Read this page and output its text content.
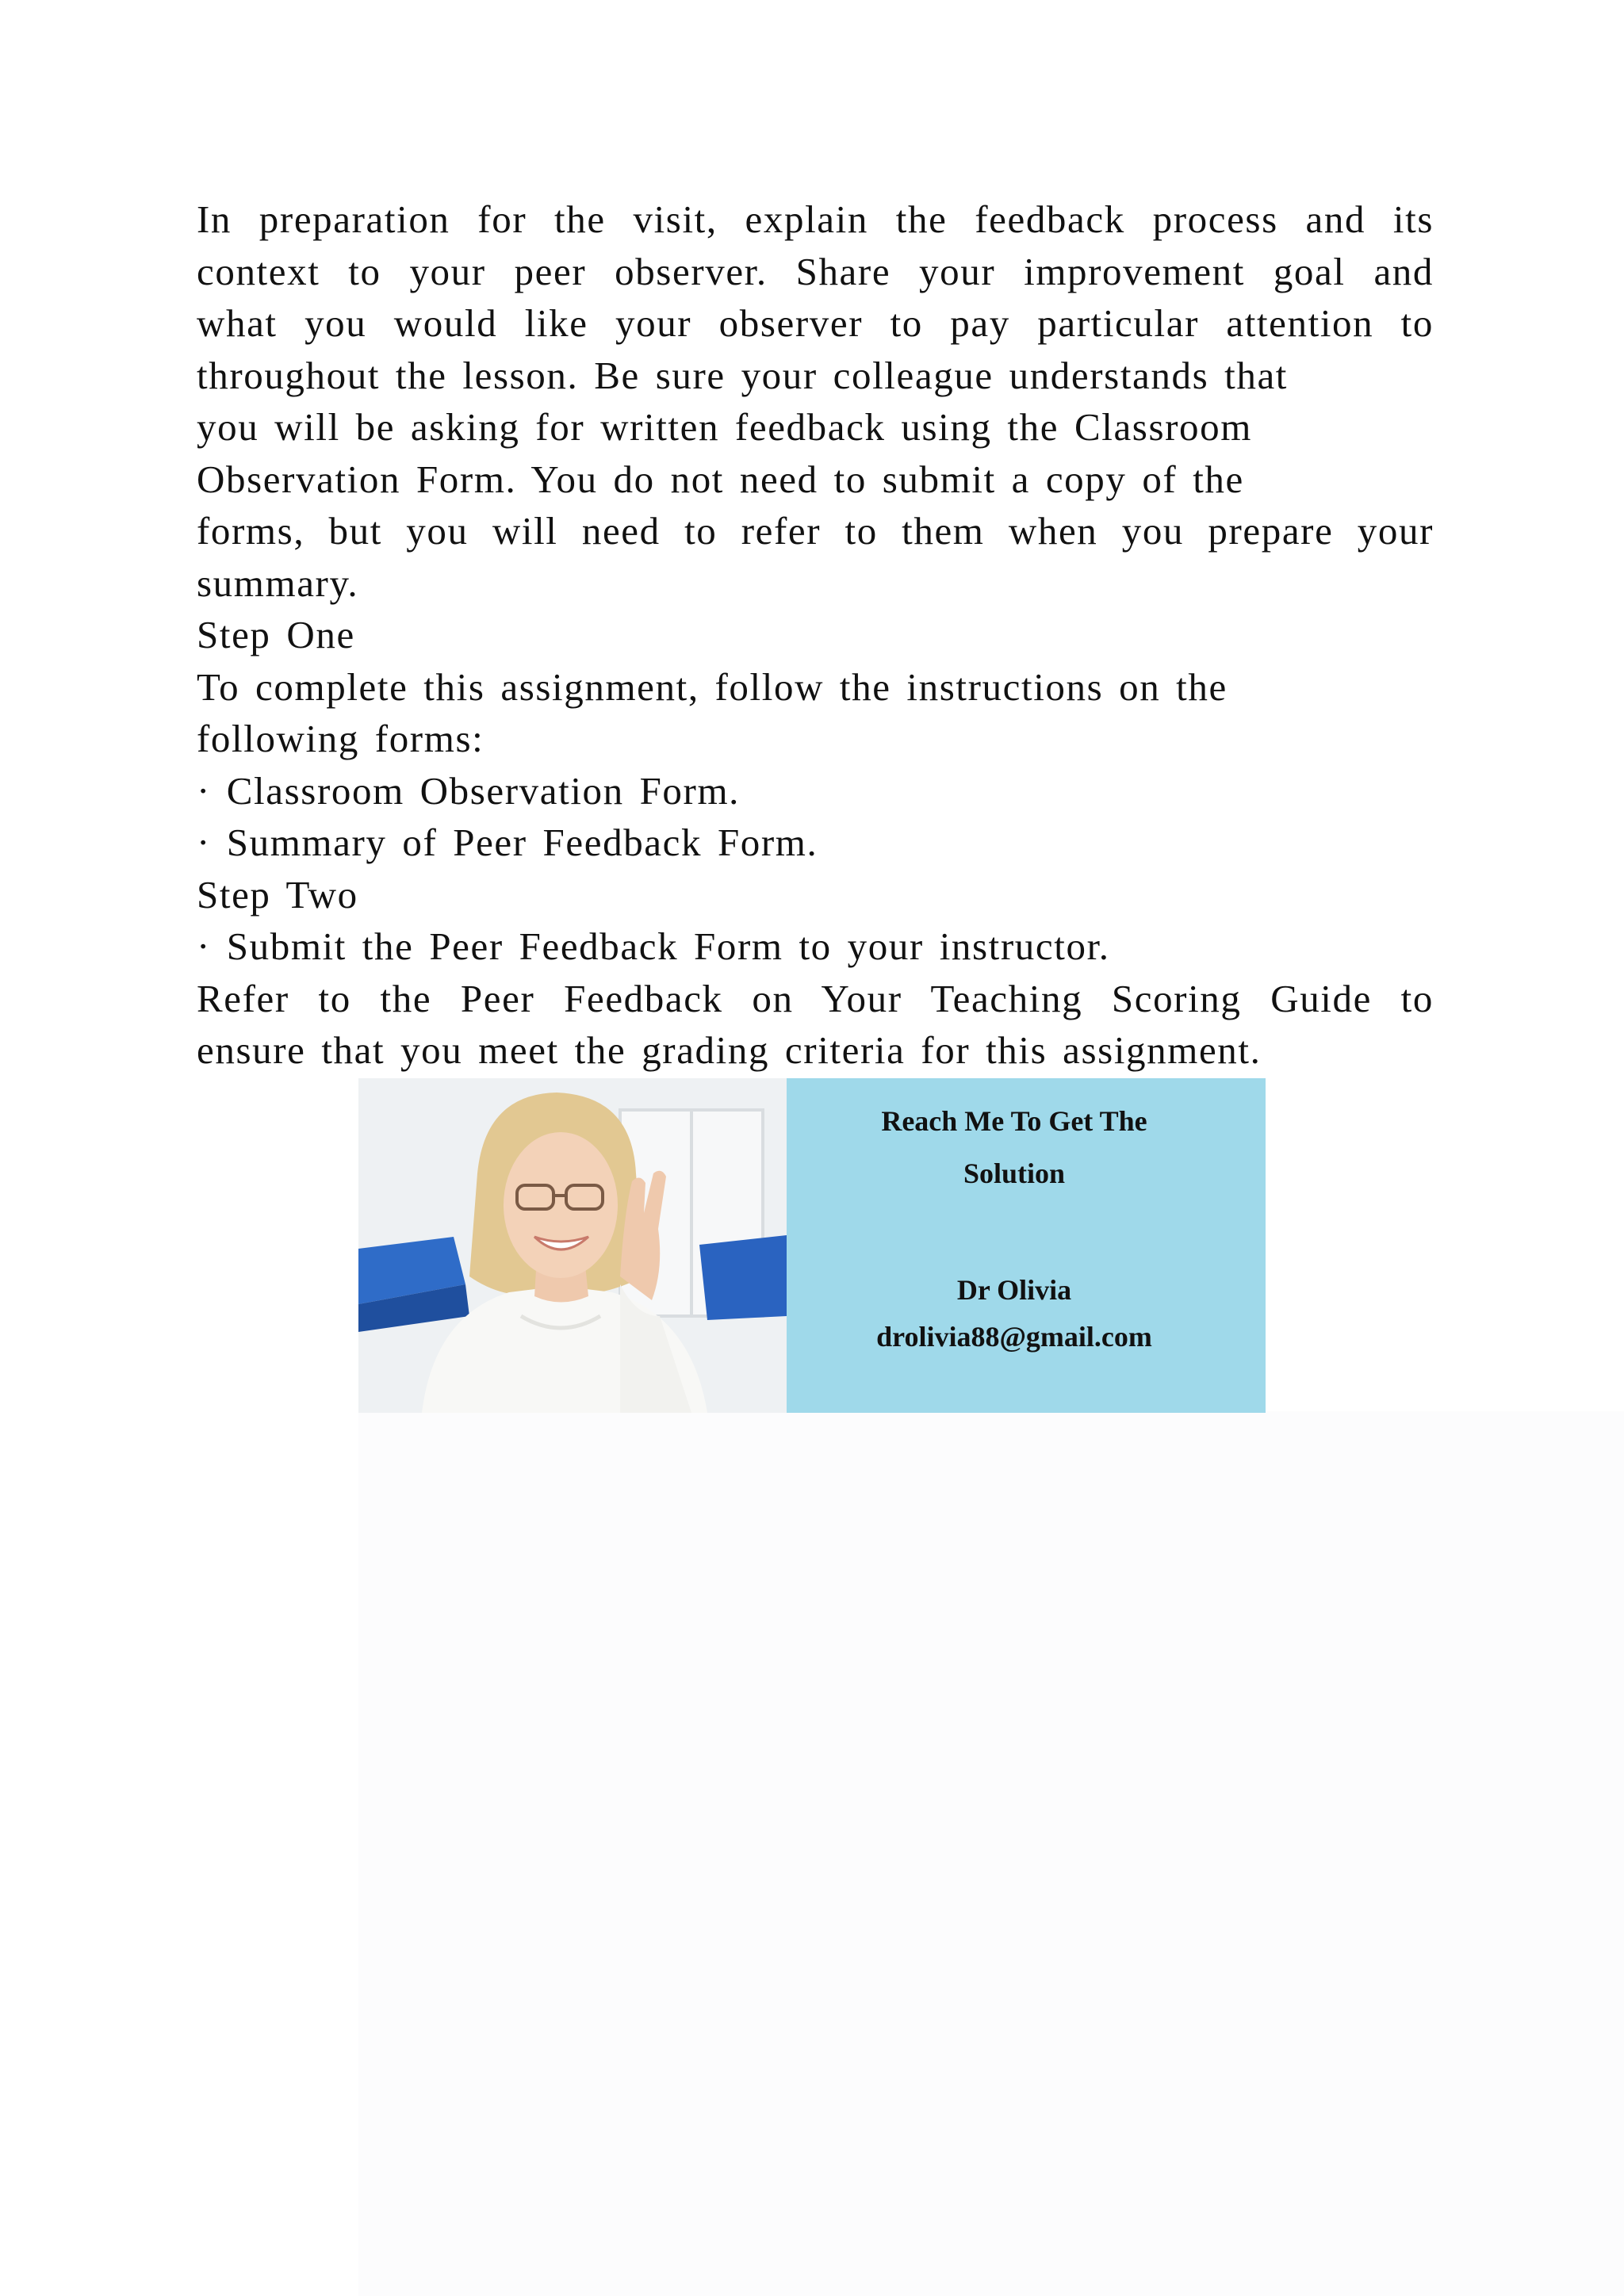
In preparation for the visit, explain the feedback process and its
context to your peer observer. Share your improvement goal and
what you would like your observer to pay particular attention to
throughout the lesson. Be sure your colleague understands that
you will be asking for written feedback using the Classroom
Observation Form. You do not need to submit a copy of the
forms, but you will need to refer to them when you prepare your
summary.
Step One
To complete this assignment, follow the instructions on the
following forms:
· Classroom Observation Form.
· Summary of Peer Feedback Form.
Step Two
· Submit the Peer Feedback Form to your instructor.
Refer to the Peer Feedback on Your Teaching Scoring Guide to
ensure that you meet the grading criteria for this assignment.
Reach Me To Get The
Solution
Dr Olivia
drolivia88@gmail.com
